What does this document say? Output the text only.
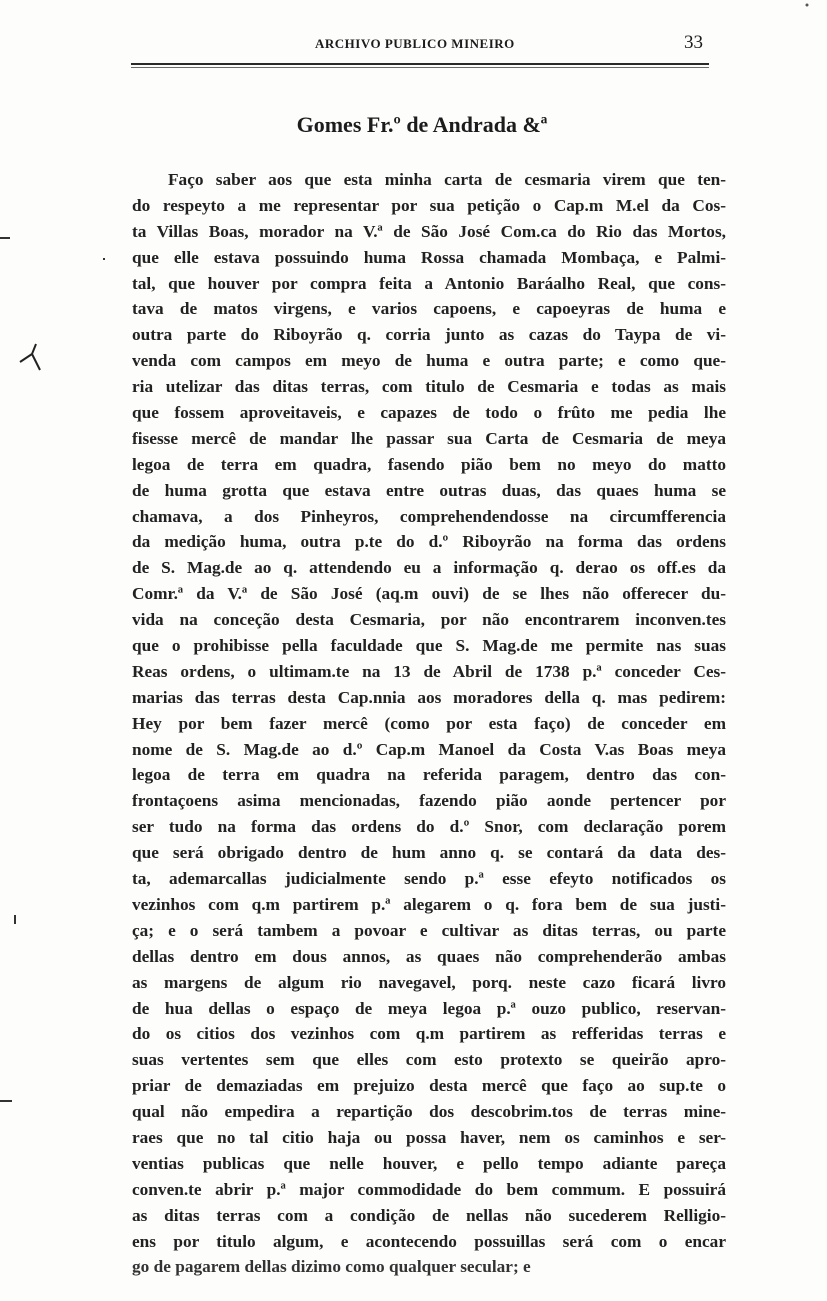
ARCHIVO PUBLICO MINEIRO	33
Gomes Fr.º de Andrada &ª
Faço saber aos que esta minha carta de cesmaria virem que ten-
do respeyto a me representar por sua petição o Cap.m M.el da Cos-
ta Villas Boas, morador na V.ª de São José Com.ca do Rio das Mortos,
que elle estava possuindo huma Rossa chamada Mombaça, e Palmi-
tal, que houver por compra feita a Antonio Baráalho Real, que cons-
tava de matos virgens, e varios capoens, e capoeyras de huma e
outra parte do Riboyrão q. corria junto as cazas do Taypa de vi-
venda com campos em meyo de huma e outra parte; e como que-
ria utelizar das ditas terras, com titulo de Cesmaria e todas as mais
que fossem aproveitaveis, e capazes de todo o frûto me pedia lhe
fisesse mercê de mandar lhe passar sua Carta de Cesmaria de meya
legoa de terra em quadra, fasendo pião bem no meyo do matto
de huma grotta que estava entre outras duas, das quaes huma se
chamava, a dos Pinheyros, comprehendendosse na circumfferencia
da medição huma, outra p.te do d.º Riboyrão na forma das ordens
de S. Mag.de ao q. attendendo eu a informação q. derao os off.es da
Comr.ª da V.ª de São José (aq.m ouvi) de se lhes não offerecer du-
vida na conceção desta Cesmaria, por não encontrarem inconven.tes
que o prohibisse pella faculdade que S. Mag.de me permite nas suas
Reas ordens, o ultimam.te na 13 de Abril de 1738 p.ª conceder Ces-
marias das terras desta Cap.nnia aos moradores della q. mas pedirem:
Hey por bem fazer mercê (como por esta faço) de conceder em
nome de S. Mag.de ao d.º Cap.m Manoel da Costa V.as Boas meya
legoa de terra em quadra na referida paragem, dentro das con-
frontaçoens asima mencionadas, fazendo pião aonde pertencer por
ser tudo na forma das ordens do d.º Snor, com declaração porem
que será obrigado dentro de hum anno q. se contará da data des-
ta, ademarcallas judicialmente sendo p.ª esse efeyto notificados os
vezinhos com q.m partirem p.ª alegarem o q. fora bem de sua justi-
ça; e o será tambem a povoar e cultivar as ditas terras, ou parte
dellas dentro em dous annos, as quaes não comprehenderão ambas
as margens de algum rio navegavel, porq. neste cazo ficará livro
de hua dellas o espaço de meya legoa p.ª ouzo publico, reservan-
do os citios dos vezinhos com q.m partirem as refferidas terras e
suas vertentes sem que elles com esto protexto se queirão apro-
priar de demaziadas em prejuizo desta mercê que faço ao sup.te o
qual não empedira a repartição dos descobrim.tos de terras mine-
raes que no tal citio haja ou possa haver, nem os caminhos e ser-
ventias publicas que nelle houver, e pello tempo adiante pareça
conven.te abrir p.ª major commodidade do bem commum. E possuirá
as ditas terras com a condição de nellas não sucederem Relligio-
ens por titulo algum, e acontecendo possuillas será com o encar
go de pagarem dellas dizimo como qualquer secular; e
